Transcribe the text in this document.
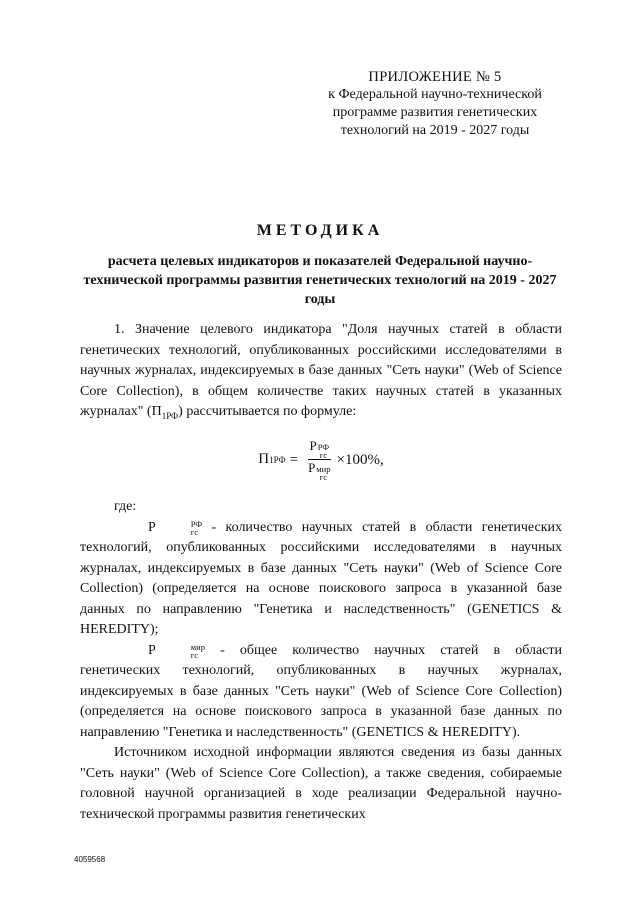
ПРИЛОЖЕНИЕ № 5
к Федеральной научно-технической
программе развития генетических
технологий на 2019 - 2027 годы
МЕТОДИКА
расчета целевых индикаторов и показателей Федеральной научно-технической программы развития генетических технологий на 2019 - 2027 годы

1. Значение целевого индикатора "Доля научных статей в области генетических технологий, опубликованных российскими исследователями в научных журналах, индексируемых в базе данных "Сеть науки" (Web of Science Core Collection), в общем количестве таких научных статей в указанных журналах" $(П_{1РФ})$ рассчитывается по формуле:

П 1РФ = P РФ
гс
P мир
гс ×100%,

где:

P	РФ
гс - количество научных статей в области генетических технологий, опубликованных российскими исследователями в научных журналах, индексируемых в базе данных "Сеть науки" (Web of Science Core Collection) (определяется на основе поискового запроса в указанной базе данных по направлению "Генетика и наследственность" (GENETICS & HEREDITY);

P	мир
гс - общее количество научных статей в области генетических технологий, опубликованных в научных журналах, индексируемых в базе данных "Сеть науки" (Web of Science Core Collection) (определяется на основе поискового запроса в указанной базе данных по направлению "Генетика и наследственность" (GENETICS & HEREDITY).

Источником исходной информации являются сведения из базы данных "Сеть науки" (Web of Science Core Collection), а также сведения, собираемые головной научной организацией в ходе реализации Федеральной научно-технической программы развития генетических

4059568
